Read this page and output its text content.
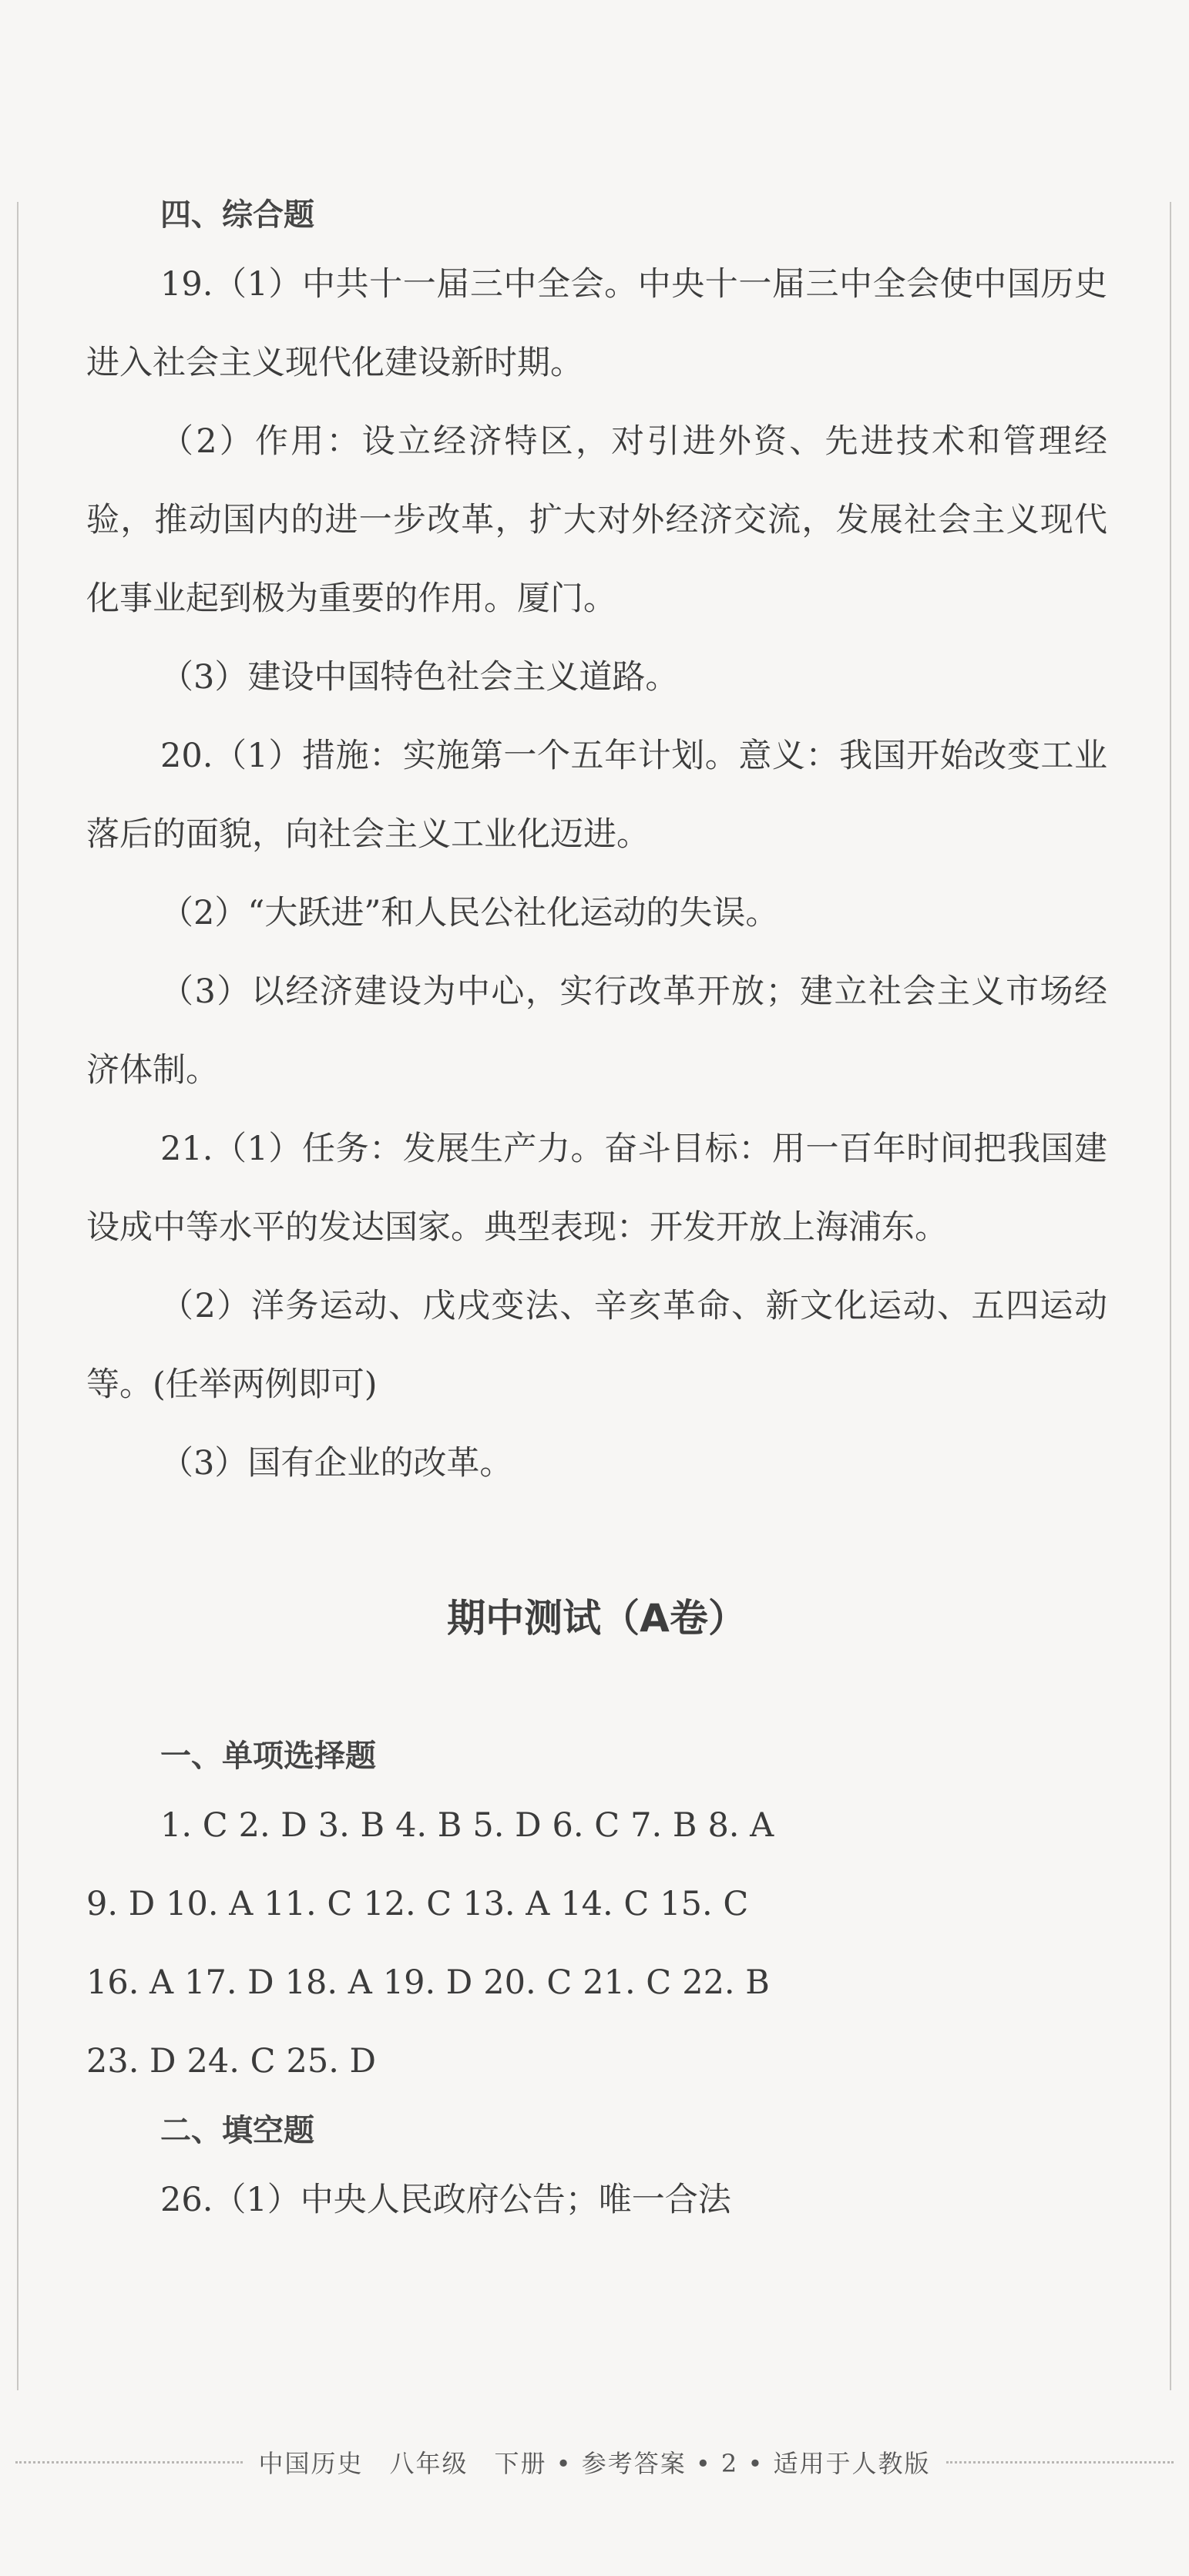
四、综合题

19.（1）中共十一届三中全会。中央十一届三中全会使中国历史进入社会主义现代化建设新时期。

（2）作用：设立经济特区，对引进外资、先进技术和管理经验，推动国内的进一步改革，扩大对外经济交流，发展社会主义现代化事业起到极为重要的作用。厦门。

（3）建设中国特色社会主义道路。

20.（1）措施：实施第一个五年计划。意义：我国开始改变工业落后的面貌，向社会主义工业化迈进。

（2）“大跃进”和人民公社化运动的失误。

（3）以经济建设为中心，实行改革开放；建立社会主义市场经济体制。

21.（1）任务：发展生产力。奋斗目标：用一百年时间把我国建设成中等水平的发达国家。典型表现：开发开放上海浦东。

（2）洋务运动、戊戌变法、辛亥革命、新文化运动、五四运动等。(任举两例即可)

（3）国有企业的改革。

期中测试（A卷）
一、单项选择题
1. C 2. D 3. B 4. B 5. D 6. C 7. B 8. A
9. D 10. A 11. C 12. C 13. A 14. C 15. C
16. A 17. D 18. A 19. D 20. C 21. C 22. B
23. D 24. C 25. D
二、填空题

26.（1）中央人民政府公告；唯一合法

中国历史　八年级　下册 • 参考答案 • 2 • 适用于人教版
